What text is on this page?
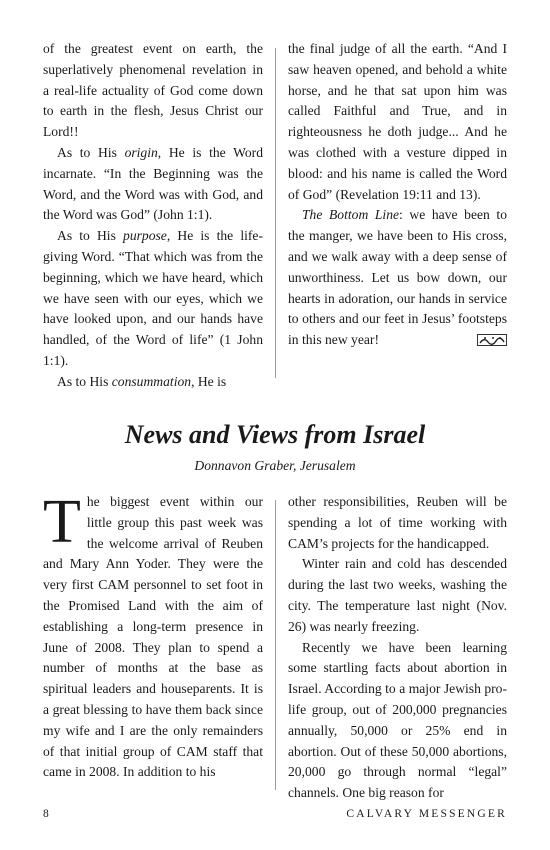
of the greatest event on earth, the superlatively phenomenal revelation in a real-life actuality of God come down to earth in the flesh, Jesus Christ our Lord!!

As to His origin, He is the Word incarnate. “In the Beginning was the Word, and the Word was with God, and the Word was God” (John 1:1).

As to His purpose, He is the life-giving Word. “That which was from the beginning, which we have heard, which we have seen with our eyes, which we have looked upon, and our hands have handled, of the Word of life” (1 John 1:1).

As to His consummation, He is

the final judge of all the earth. “And I saw heaven opened, and behold a white horse, and he that sat upon him was called Faithful and True, and in righteousness he doth judge... And he was clothed with a vesture dipped in blood: and his name is called the Word of God” (Revelation 19:11 and 13).

The Bottom Line: we have been to the manger, we have been to His cross, and we walk away with a deep sense of unworthiness. Let us bow down, our hearts in adoration, our hands in service to others and our feet in Jesus’ footsteps in this new year!

News and Views from Israel
Donnavon Graber, Jerusalem

The biggest event within our little group this past week was the welcome arrival of Reuben and Mary Ann Yoder. They were the very first CAM personnel to set foot in the Promised Land with the aim of establishing a long-term presence in June of 2008. They plan to spend a number of months at the base as spiritual leaders and houseparents. It is a great blessing to have them back since my wife and I are the only remainders of that initial group of CAM staff that came in 2008. In addition to his

other responsibilities, Reuben will be spending a lot of time working with CAM’s projects for the handicapped.

Winter rain and cold has descended during the last two weeks, washing the city. The temperature last night (Nov. 26) was nearly freezing.

Recently we have been learning some startling facts about abortion in Israel. According to a major Jewish pro-life group, out of 200,000 pregnancies annually, 50,000 or 25% end in abortion. Out of these 50,000 abortions, 20,000 go through normal “legal” channels. One big reason for

8	CALVARY MESSENGER
